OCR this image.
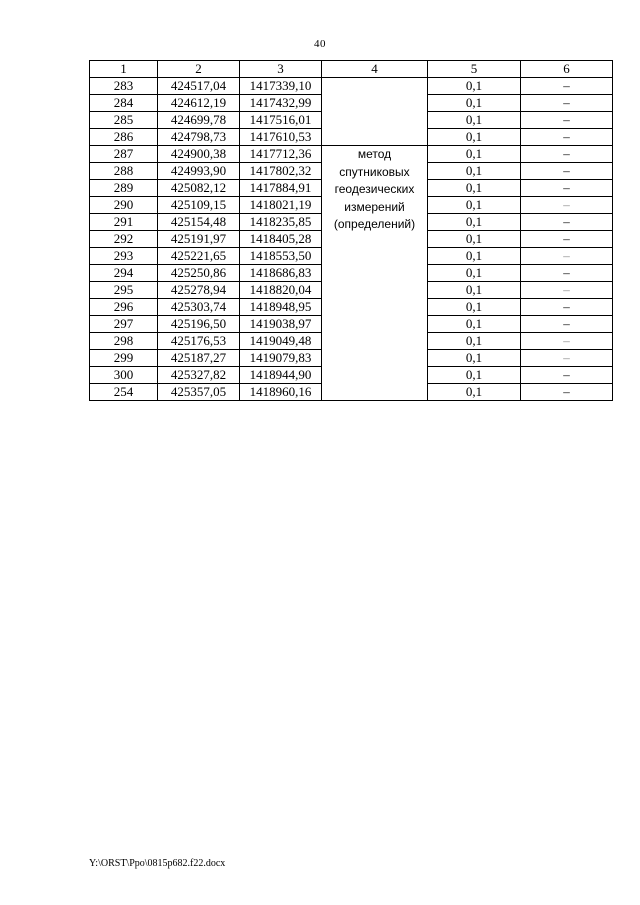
40
1	2	3	4	5	6
283	424517,04	1417339,10		0,1	–
284	424612,19	1417432,99		0,1	–
285	424699,78	1417516,01		0,1	–
286	424798,73	1417610,53		0,1	–
287	424900,38	1417712,36	метод
спутниковых
геодезических
измерений
(определений)	0,1	–
288	424993,90	1417802,32		0,1	–
289	425082,12	1417884,91		0,1	–
290	425109,15	1418021,19		0,1	–
291	425154,48	1418235,85		0,1	–
292	425191,97	1418405,28		0,1	–
293	425221,65	1418553,50		0,1	–
294	425250,86	1418686,83		0,1	–
295	425278,94	1418820,04		0,1	–
296	425303,74	1418948,95		0,1	–
297	425196,50	1419038,97		0,1	–
298	425176,53	1419049,48		0,1	–
299	425187,27	1419079,83		0,1	–
300	425327,82	1418944,90		0,1	–
254	425357,05	1418960,16		0,1	–
Y:\ORST\Ppo\0815p682.f22.docx
